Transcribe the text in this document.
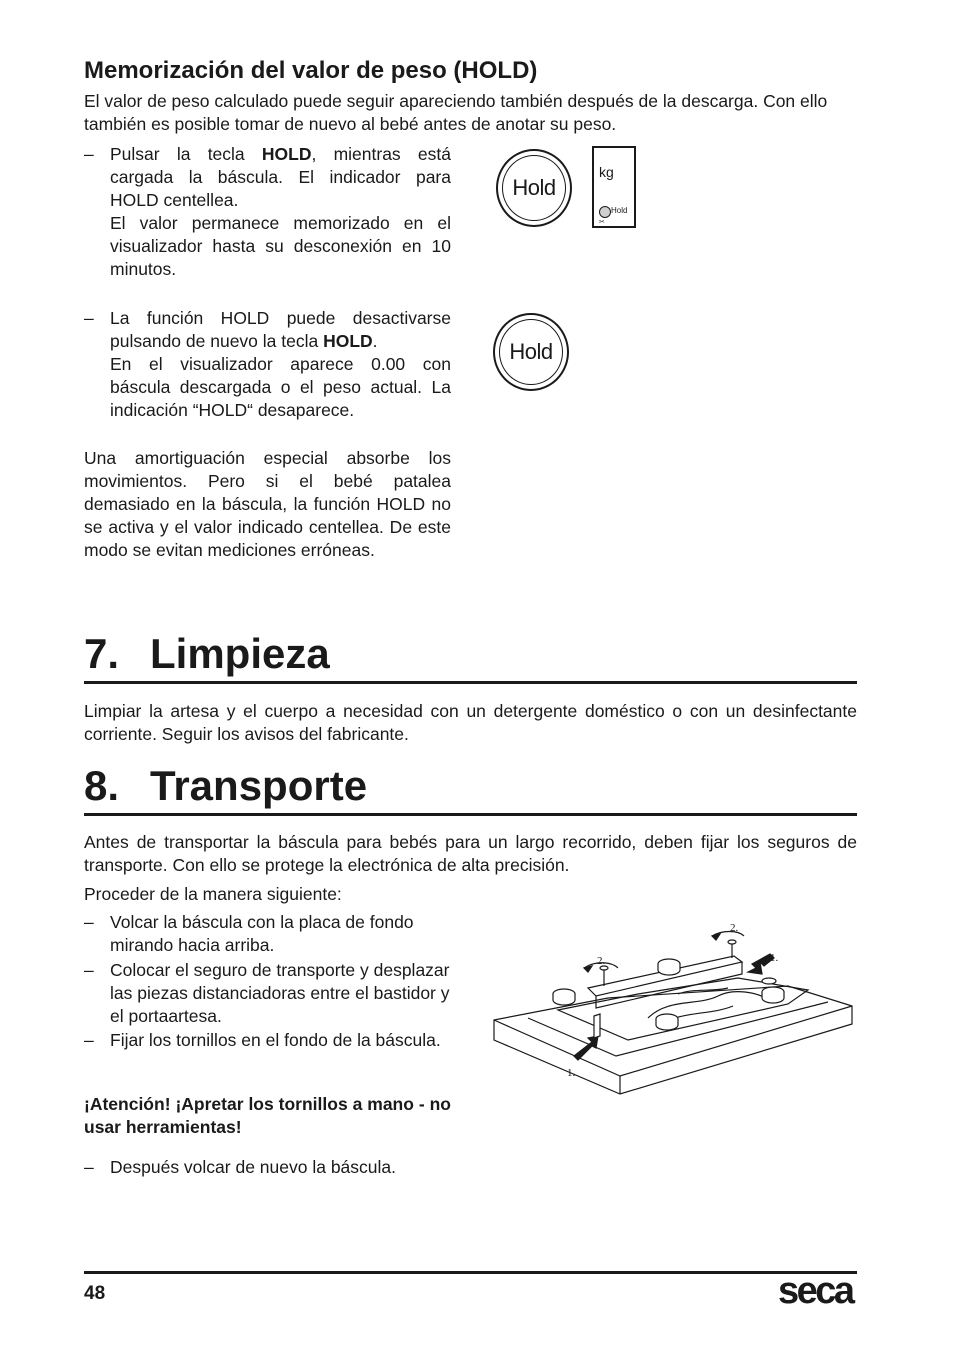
Memorización del valor de peso (HOLD)
El valor de peso calculado puede seguir apareciendo también después de la descarga. Con ello también es posible tomar de nuevo al bebé antes de anotar su peso.
– Pulsar la tecla HOLD, mientras está cargada la báscula. El indicador para HOLD centellea.

El valor permanece memorizado en el visualizador hasta su desconexión en 10 minutos.

Hold
kg
Hold
✂
– La función HOLD puede desactivarse pulsando de nuevo la tecla HOLD.

En el visualizador aparece 0.00 con báscula descargada o el peso actual. La indicación “HOLD“ desaparece.

Hold
Una amortiguación especial absorbe los movimientos. Pero si el bebé patalea demasiado en la báscula, la función HOLD no se activa y el valor indicado centellea. De este modo se evitan mediciones erróneas.
7. Limpieza
Limpiar la artesa y el cuerpo a necesidad con un detergente doméstico o con un desinfectante corriente. Seguir los avisos del fabricante.
8. Transporte
Antes de transportar la báscula para bebés para un largo recorrido, deben fijar los seguros de transporte. Con ello se protege la electrónica de alta precisión.
Proceder de la manera siguiente:
– Volcar la báscula con la placa de fondo mirando hacia arriba.
– Colocar el seguro de transporte y desplazar las piezas distanciadoras entre el bastidor y el portaartesa.
– Fijar los tornillos en el fondo de la báscula.
¡Atención! ¡Apretar los tornillos a mano - no usar herramientas!
– Después volcar de nuevo la báscula.
2.
2.	1.
1.
48	seca
